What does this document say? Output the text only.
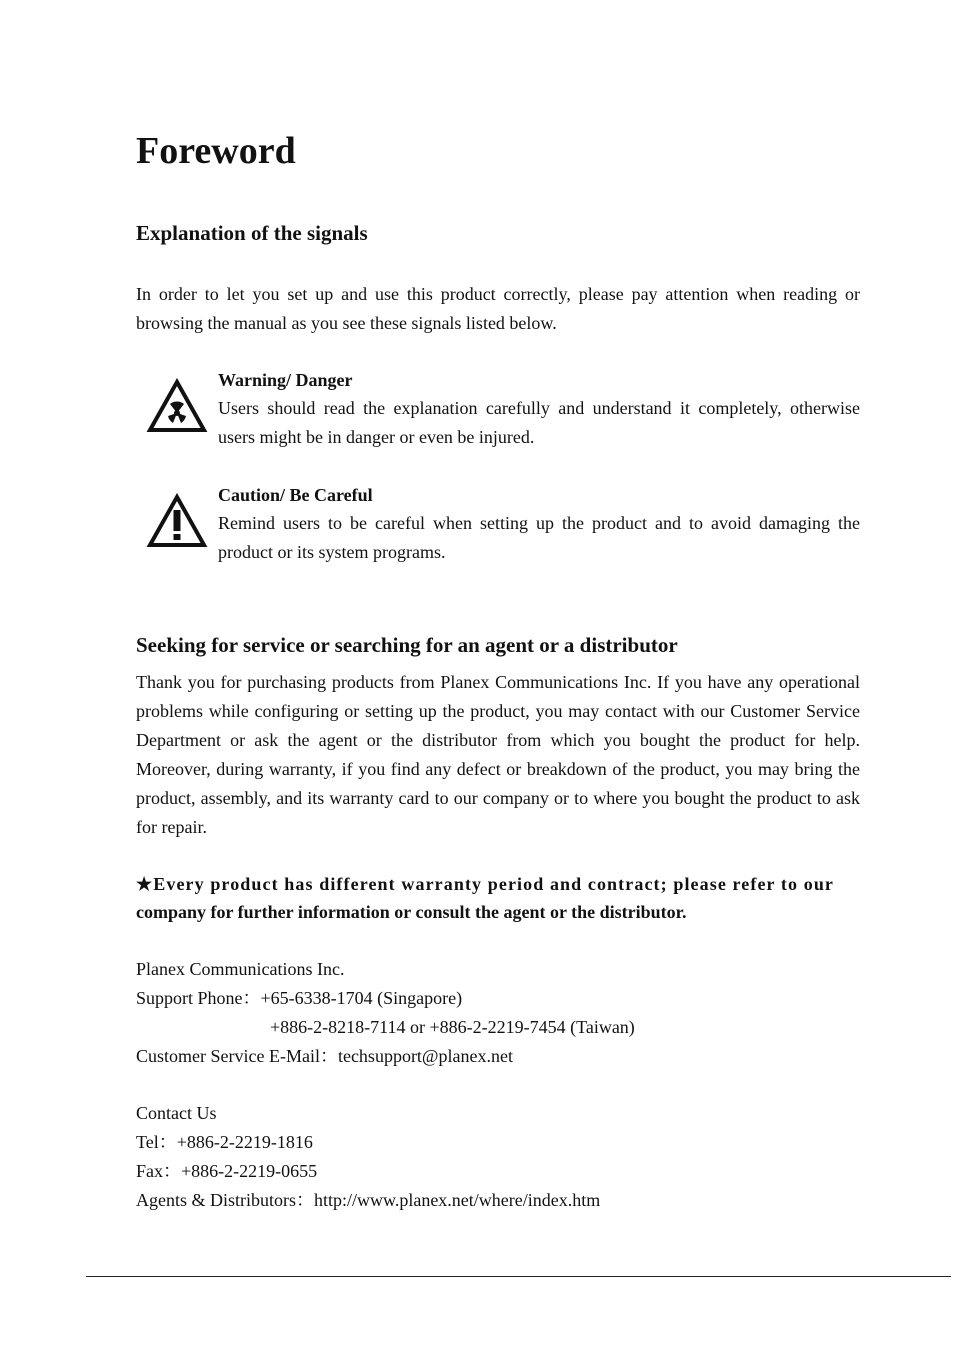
Foreword
Explanation of the signals

In order to let you set up and use this product correctly, please pay attention when reading or browsing the manual as you see these signals listed below.

Warning/ Danger

Users should read the explanation carefully and understand it completely, otherwise users might be in danger or even be injured.

Caution/ Be Careful

Remind users to be careful when setting up the product and to avoid damaging the product or its system programs.

Seeking for service or searching for an agent or a distributor

Thank you for purchasing products from Planex Communications Inc. If you have any operational problems while configuring or setting up the product, you may contact with our Customer Service Department or ask the agent or the distributor from which you bought the product for help. Moreover, during warranty, if you find any defect or breakdown of the product, you may bring the product, assembly, and its warranty card to our company or to where you bought the product to ask for repair.

★Every product has different warranty period and contract; please refer to our
company for further information or consult the agent or the distributor.
Planex Communications Inc.
Support Phone：+65-6338-1704 (Singapore)
+886-2-8218-7114 or +886-2-2219-7454 (Taiwan)
Customer Service E-Mail：techsupport@planex.net
Contact Us
Tel：+886-2-2219-1816
Fax：+886-2-2219-0655
Agents & Distributors：http://www.planex.net/where/index.htm
